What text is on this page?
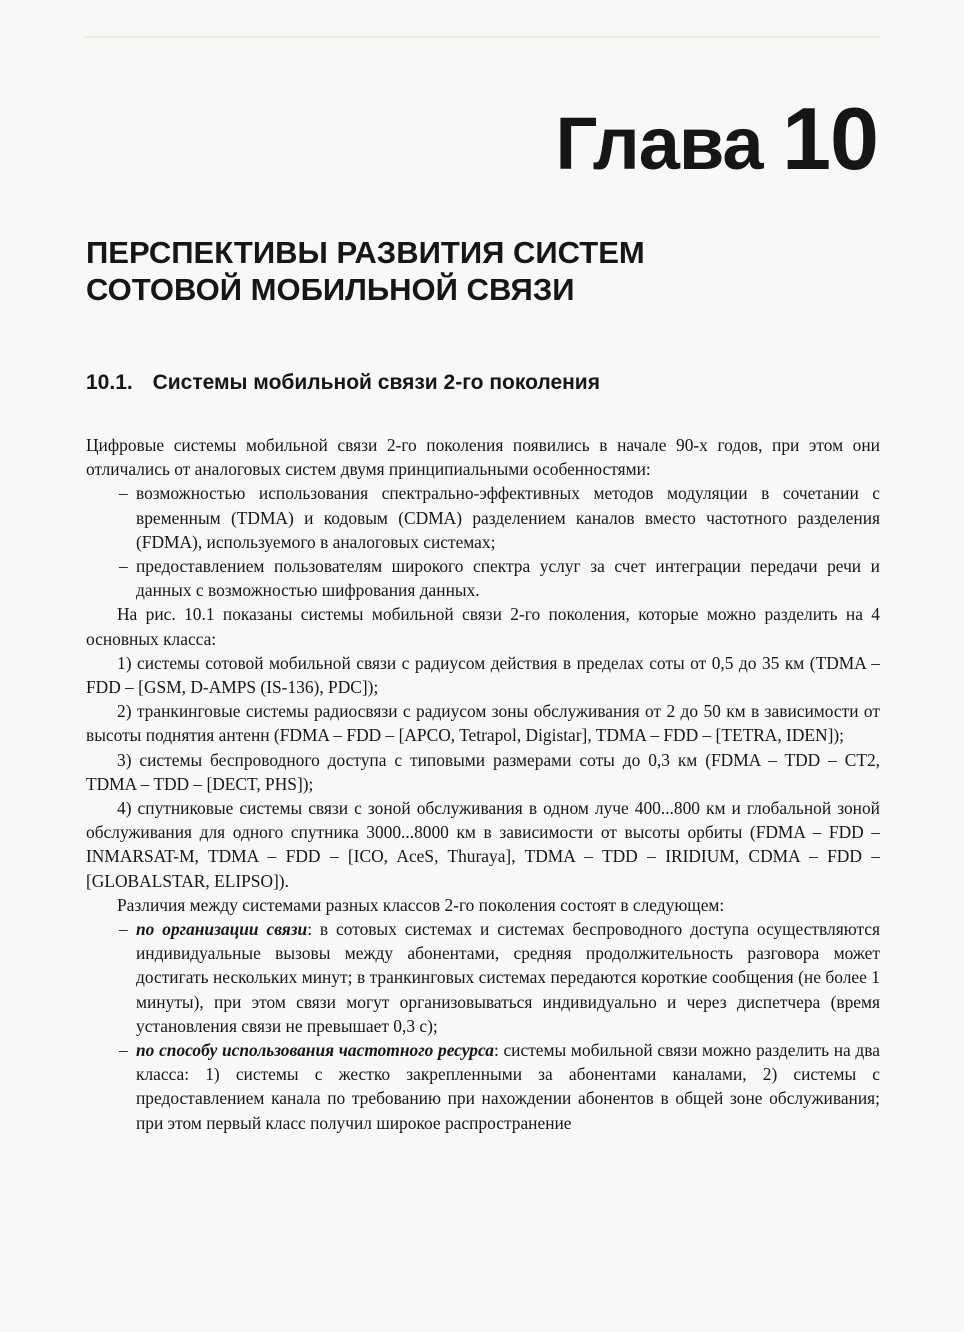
Глава 10
ПЕРСПЕКТИВЫ РАЗВИТИЯ СИСТЕМ
СОТОВОЙ МОБИЛЬНОЙ СВЯЗИ
10.1. Системы мобильной связи 2-го поколения

Цифровые системы мобильной связи 2-го поколения появились в начале 90-х годов, при этом они отличались от аналоговых систем двумя принципиальными особенностями:

– возможностью использования спектрально-эффективных методов модуляции в сочетании с временным (TDMA) и кодовым (CDMA) разделением каналов вместо частотного разделения (FDMA), используемого в аналоговых системах;
– предоставлением пользователям широкого спектра услуг за счет интеграции передачи речи и данных с возможностью шифрования данных.

На рис. 10.1 показаны системы мобильной связи 2-го поколения, которые можно разделить на 4 основных класса:

1) системы сотовой мобильной связи с радиусом действия в пределах соты от 0,5 до 35 км (TDMA – FDD – [GSM, D-AMPS (IS-136), PDC]);

2) транкинговые системы радиосвязи с радиусом зоны обслуживания от 2 до 50 км в зависимости от высоты поднятия антенн (FDMA – FDD – [APCO, Tetrapol, Digistar], TDMA – FDD – [TETRA, IDEN]);

3) системы беспроводного доступа с типовыми размерами соты до 0,3 км (FDMA – TDD – CT2, TDMA – TDD – [DECT, PHS]);

4) спутниковые системы связи с зоной обслуживания в одном луче 400...800 км и глобальной зоной обслуживания для одного спутника 3000...8000 км в зависимости от высоты орбиты (FDMA – FDD – INMARSAT-M, TDMA – FDD – [ICO, AceS, Thuraya], TDMA – TDD – IRIDIUM, CDMA – FDD – [GLOBALSTAR, ELIPSO]).

Различия между системами разных классов 2-го поколения состоят в следующем:

– по организации связи: в сотовых системах и системах беспроводного доступа осуществляются индивидуальные вызовы между абонентами, средняя продолжительность разговора может достигать нескольких минут; в транкинговых системах передаются короткие сообщения (не более 1 минуты), при этом связи могут организовываться индивидуально и через диспетчера (время установления связи не превышает 0,3 с);
– по способу использования частотного ресурса: системы мобильной связи можно разделить на два класса: 1) системы с жестко закрепленными за абонентами каналами, 2) системы с предоставлением канала по требованию при нахождении абонентов в общей зоне обслуживания; при этом первый класс получил широкое распространение
